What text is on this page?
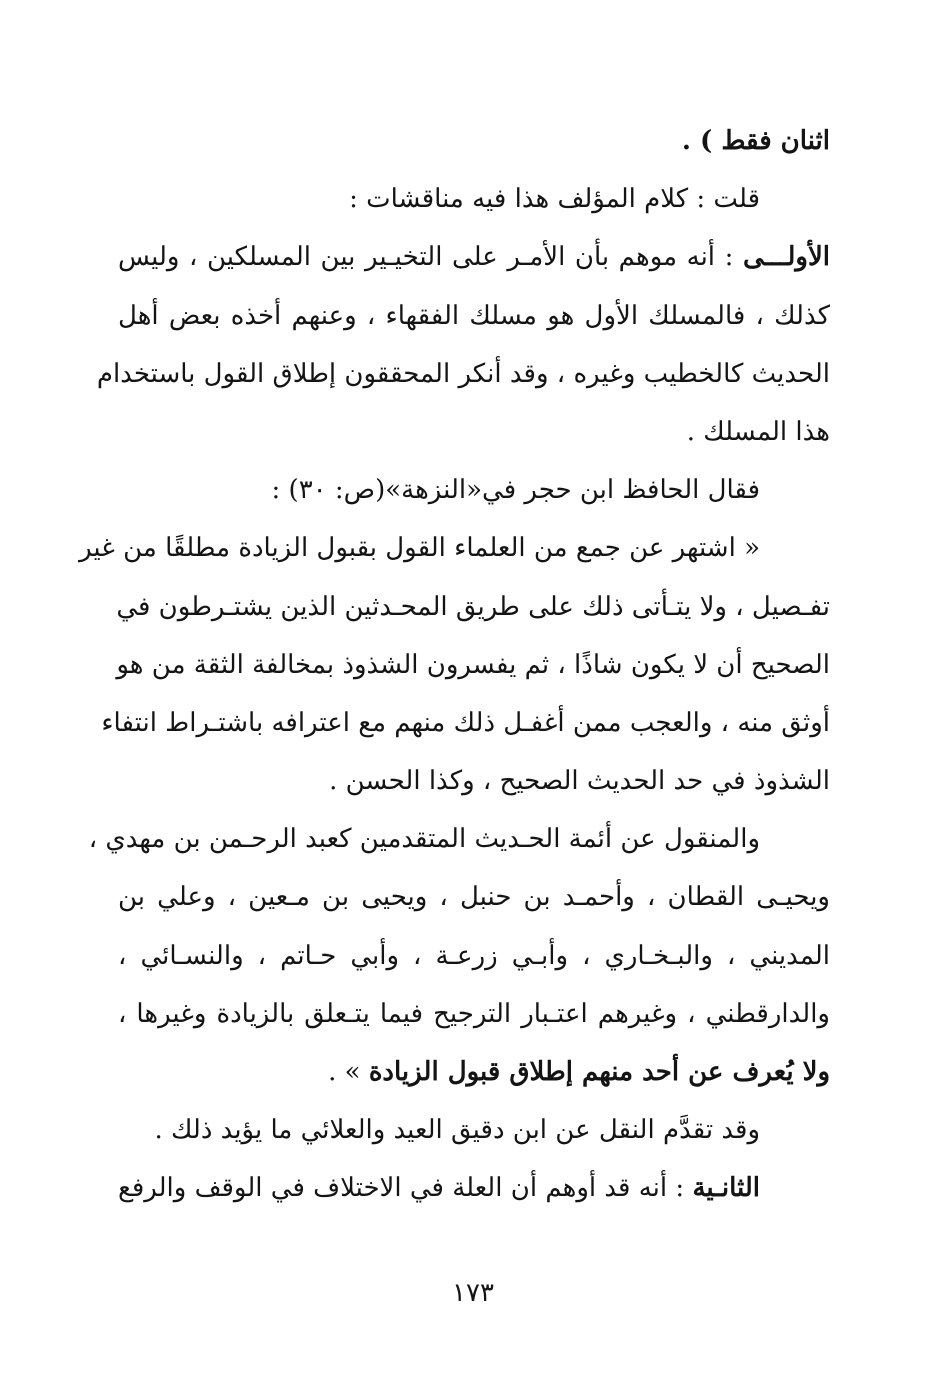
اثنان فقط ) .
قلت : كلام المؤلف هذا فيه مناقشات :
الأولـــى : أنه موهم بأن الأمـر على التخيـير بين المسلكين ، وليس
كذلك ، فالمسلك الأول هو مسلك الفقهاء ، وعنهم أخذه بعض أهل
الحديث كالخطيب وغيره ، وقد أنكر المحققون إطلاق القول باستخدام
هذا المسلك .
فقال الحافظ ابن حجر في«النزهة»(ص: ٣٠) :
« اشتهر عن جمع من العلماء القول بقبول الزيادة مطلقًا من غير
تفـصيل ، ولا يتـأتى ذلك على طريق المحـدثين الذين يشتـرطون في
الصحيح أن لا يكون شاذًا ، ثم يفسرون الشذوذ بمخالفة الثقة من هو
أوثق منه ، والعجب ممن أغفـل ذلك منهم مع اعترافه باشتـراط انتفاء
الشذوذ في حد الحديث الصحيح ، وكذا الحسن .
والمنقول عن أئمة الحـديث المتقدمين كعبد الرحـمن بن مهدي ،
ويحيـى القطان ، وأحمـد بن حنبل ، ويحيى بن مـعين ، وعلي بن
المديني ، والبـخـاري ، وأبـي زرعـة ، وأبي حـاتم ، والنسـائي ،
والدارقطني ، وغيرهم اعتـبار الترجيح فيما يتـعلق بالزيادة وغيرها ،
ولا يُعرف عن أحد منهم إطلاق قبول الزيادة » .
وقد تقدَّم النقل عن ابن دقيق العيد والعلائي ما يؤيد ذلك .
الثانـية : أنه قد أوهم أن العلة في الاختلاف في الوقف والرفع
١٧٣
